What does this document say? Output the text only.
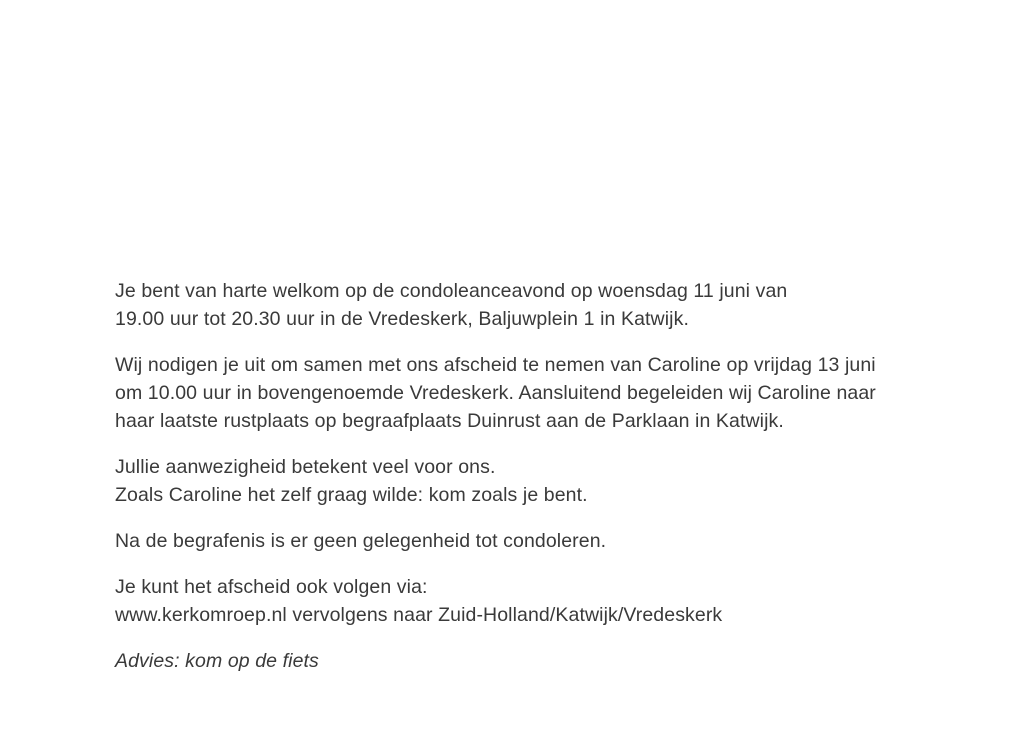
Je bent van harte welkom op de condoleanceavond op woensdag 11 juni van
19.00 uur tot 20.30 uur in de Vredeskerk, Baljuwplein 1 in Katwijk.

Wij nodigen je uit om samen met ons afscheid te nemen van Caroline op vrijdag 13 juni
om 10.00 uur in bovengenoemde Vredeskerk. Aansluitend begeleiden wij Caroline naar
haar laatste rustplaats op begraafplaats Duinrust aan de Parklaan in Katwijk.

Jullie aanwezigheid betekent veel voor ons.
Zoals Caroline het zelf graag wilde: kom zoals je bent.

Na de begrafenis is er geen gelegenheid tot condoleren.

Je kunt het afscheid ook volgen via:
www.kerkomroep.nl vervolgens naar Zuid-Holland/Katwijk/Vredeskerk

Advies: kom op de fiets
